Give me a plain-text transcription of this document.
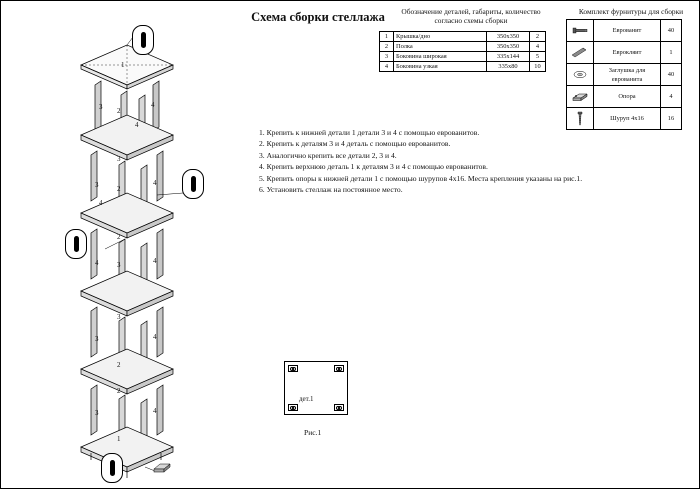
Схема сборки стеллажа	Обозначение деталей, габариты, количество
согласно схемы сборки
1	Крышка/дно	350х350	2
2	Полка	350х350	4
3	Боковина широкая	335х144	5
4	Боковина узкая	335х80	10
Комплект фурнитуры для сборки
	Еврованит	40

	Еврокляит	1

	Заглушка для
еврованита	40

	Опора	4

	Шуруп 4х16	16
1. Крепить к нижней детали 1 детали 3 и 4 с помощью еврованитов.
2. Крепить к деталям 3 и 4 деталь с помощью еврованитов.
3. Аналогично крепить все детали 2, 3 и 4.
4. Крепить верхнюю деталь 1 к деталям 3 и 4 с помощью еврованитов.
5. Крепить опоры к нижней детали 1 с помощью шурупов 4х16. Места крепления указаны на рис.1.
6. Установить стеллаж на постоянное место.
дет.1
Рис.1
1
2
3	4
4
3
2
3	4
4
2
3
4	4
3
3	4
2
2
3	4
1
